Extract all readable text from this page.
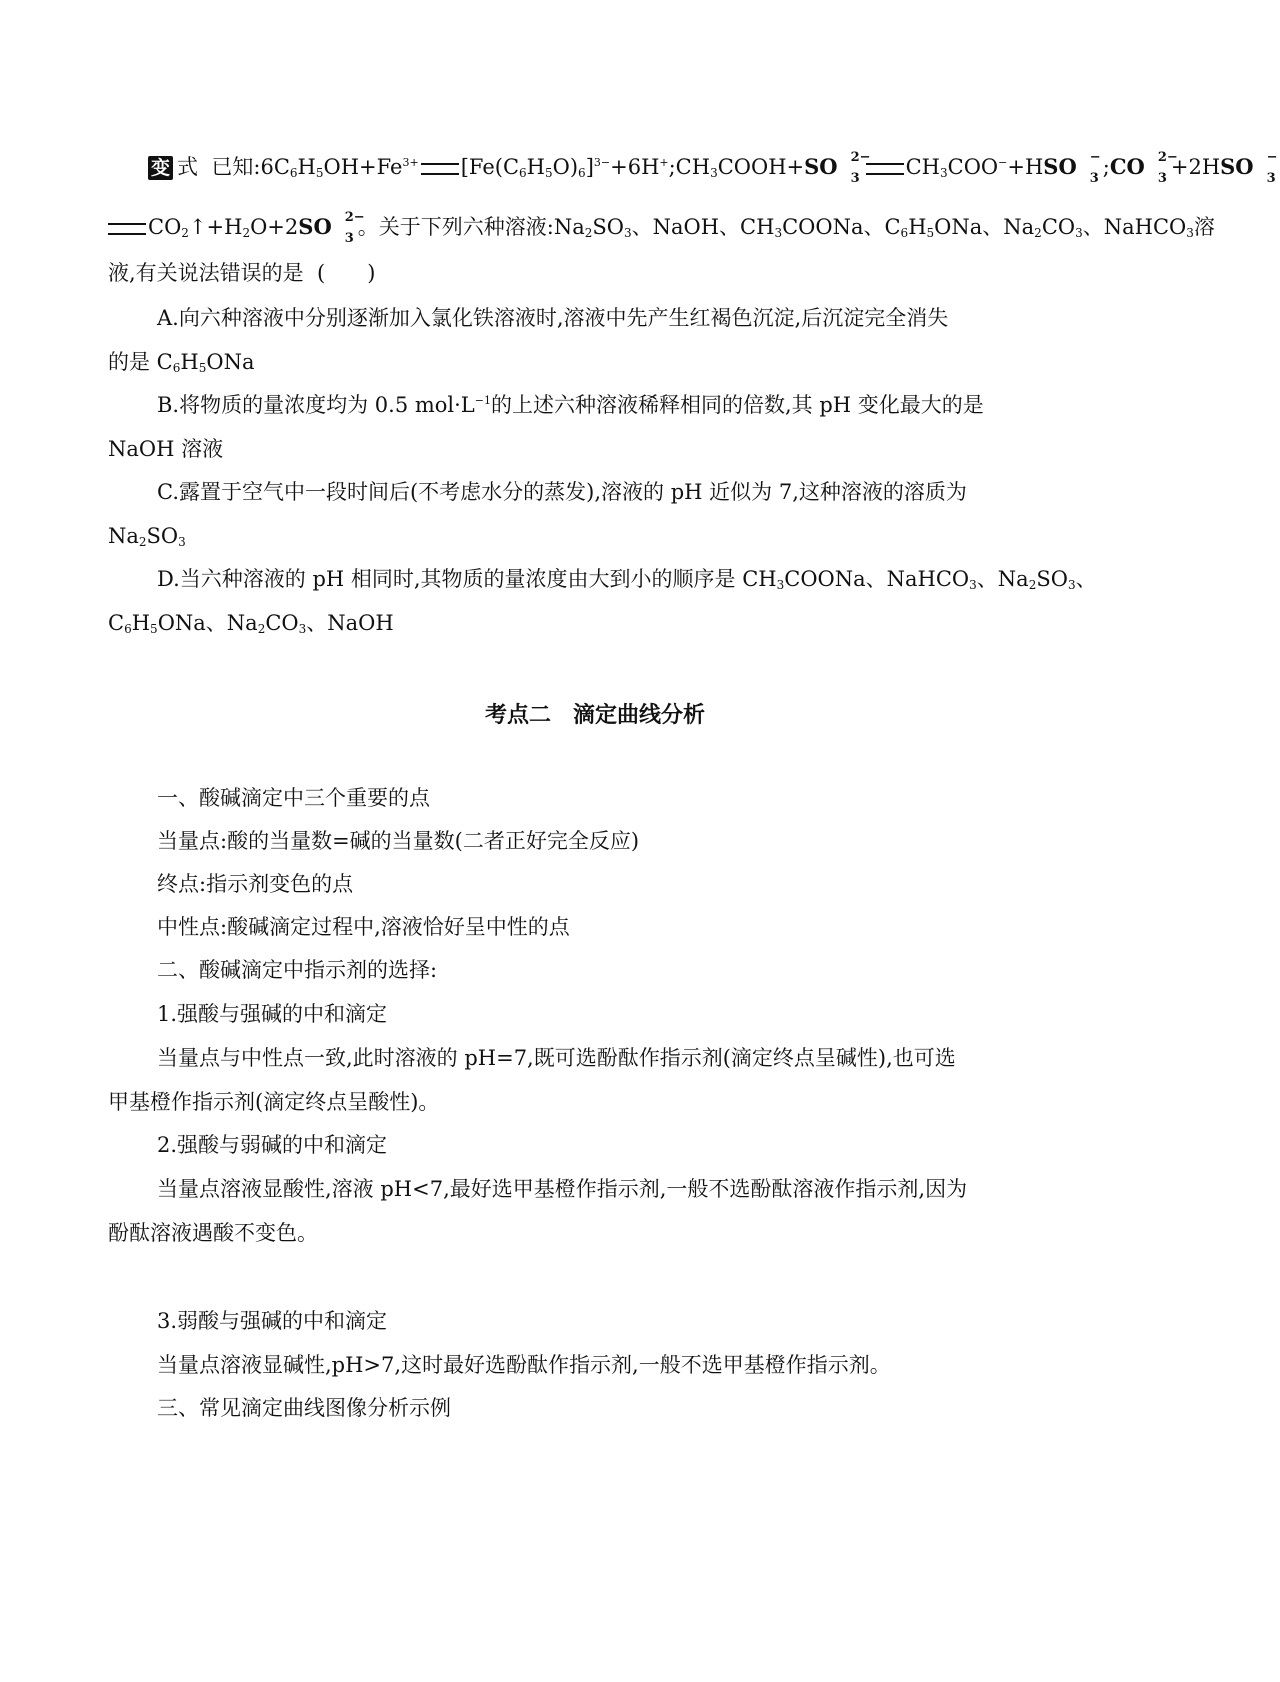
变 式  已知$:6C_6H_5OH+Fe^{3+}$ $[Fe(C_6H_5O)_6]^{3-}+6H^+;CH_3COOH+SO$ 2−
3 $CH_3COO^-+HSO$ −
3 ;CO 2−
3 +2HSO −
3
$CO_2↑+H_2O+2SO$ 2−
3 。关于下列六种溶液$:Na_2SO_3$、NaOH、$CH_3COONa$、$C_6H_5ONa$、$Na_2CO_3$、NaHCO$_3$溶
液,有关说法错误的是 (　　)
A.向六种溶液中分别逐渐加入氯化铁溶液时,溶液中先产生红褐色沉淀,后沉淀完全消失
的是 $C_6H_5ONa$
B.将物质的量浓度均为 0.5 $mol\cdot L^{-1}$的上述六种溶液稀释相同的倍数,其 pH 变化最大的是
NaOH 溶液
C.露置于空气中一段时间后(不考虑水分的蒸发),溶液的 pH 近似为 7,这种溶液的溶质为
$Na_2SO_3$
D.当六种溶液的 pH 相同时,其物质的量浓度由大到小的顺序是 $CH_3COONa$、NaHCO$_3$、$Na_2SO_3$、
$C_6H_5ONa$、$Na_2CO_3$、NaOH
考点二　滴定曲线分析
一、酸碱滴定中三个重要的点
当量点:酸的当量数=碱的当量数(二者正好完全反应)
终点:指示剂变色的点
中性点:酸碱滴定过程中,溶液恰好呈中性的点
二、酸碱滴定中指示剂的选择:
1.强酸与强碱的中和滴定
当量点与中性点一致,此时溶液的 pH=7,既可选酚酞作指示剂(滴定终点呈碱性),也可选
甲基橙作指示剂(滴定终点呈酸性)。
2.强酸与弱碱的中和滴定
当量点溶液显酸性,溶液 pH<7,最好选甲基橙作指示剂,一般不选酚酞溶液作指示剂,因为
酚酞溶液遇酸不变色。
3.弱酸与强碱的中和滴定
当量点溶液显碱性,pH>7,这时最好选酚酞作指示剂,一般不选甲基橙作指示剂。
三、常见滴定曲线图像分析示例
